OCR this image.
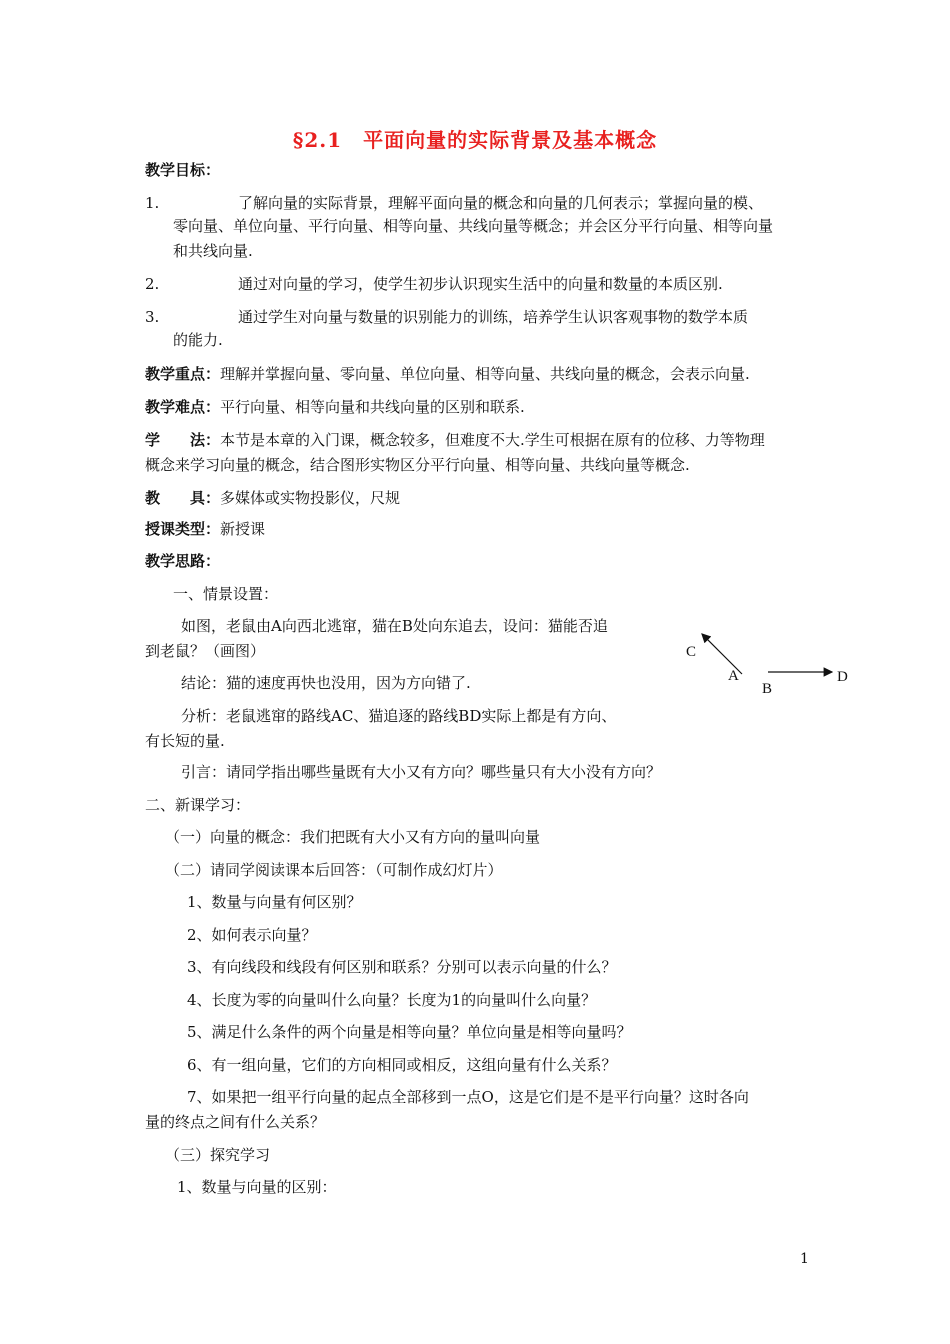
§2.1　平面向量的实际背景及基本概念
教学目标：
1.	了解向量的实际背景，理解平面向量的概念和向量的几何表示；掌握向量的模、
零向量、单位向量、平行向量、相等向量、共线向量等概念；并会区分平行向量、相等向量
和共线向量.
2.	通过对向量的学习，使学生初步认识现实生活中的向量和数量的本质区别.
3.	通过学生对向量与数量的识别能力的训练，培养学生认识客观事物的数学本质
的能力.
教学重点：理解并掌握向量、零向量、单位向量、相等向量、共线向量的概念，会表示向量.
教学难点：平行向量、相等向量和共线向量的区别和联系.
学　　法：本节是本章的入门课，概念较多，但难度不大.学生可根据在原有的位移、力等物理
概念来学习向量的概念，结合图形实物区分平行向量、相等向量、共线向量等概念.
教　　具：多媒体或实物投影仪，尺规
授课类型：新授课
教学思路：
一、情景设置：
如图，老鼠由A向西北逃窜，猫在B处向东追去，设问：猫能否追
到老鼠？（画图）
结论：猫的速度再快也没用，因为方向错了.
分析：老鼠逃窜的路线AC、猫追逐的路线BD实际上都是有方向、
有长短的量.
引言：请同学指出哪些量既有大小又有方向？哪些量只有大小没有方向？
C
A
B
D
二、新课学习：
（一）向量的概念：我们把既有大小又有方向的量叫向量
（二）请同学阅读课本后回答：（可制作成幻灯片）
1、数量与向量有何区别？
2、如何表示向量？
3、有向线段和线段有何区别和联系？分别可以表示向量的什么？
4、长度为零的向量叫什么向量？长度为1的向量叫什么向量？
5、满足什么条件的两个向量是相等向量？单位向量是相等向量吗？
6、有一组向量，它们的方向相同或相反，这组向量有什么关系？
7、如果把一组平行向量的起点全部移到一点O，这是它们是不是平行向量？这时各向
量的终点之间有什么关系？
（三）探究学习
1、数量与向量的区别：
1
